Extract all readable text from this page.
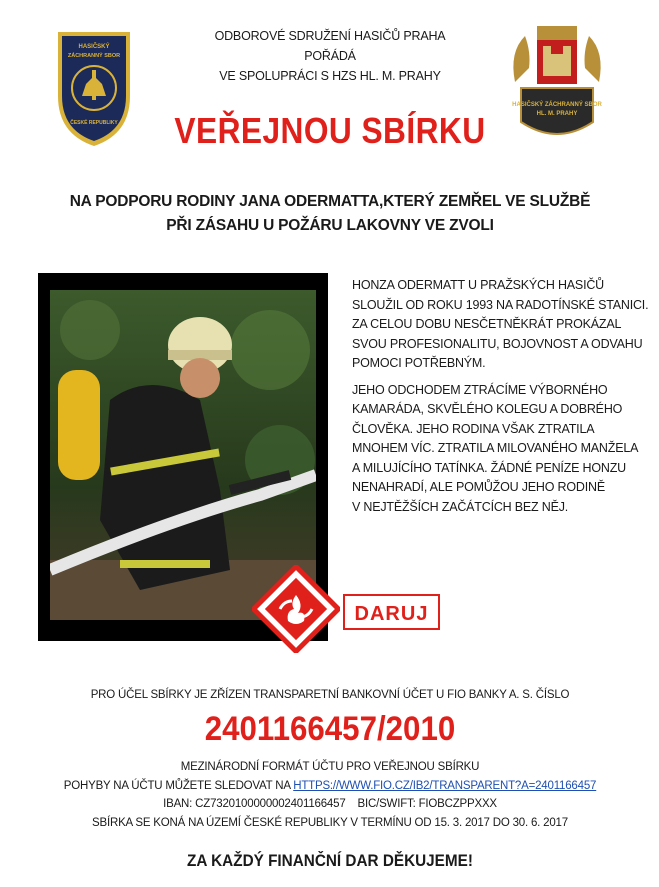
HASIČSKÝ
ZÁCHRANNÝ SBOR
ČESKÉ REPUBLIKY
HASIČSKÝ ZÁCHRANNÝ SBOR
HL. M. PRAHY
ODBOROVÉ SDRUŽENÍ HASIČŮ PRAHA
POŘÁDÁ
VE SPOLUPRÁCI S HZS HL. M. PRAHY
VEŘEJNOU SBÍRKU
NA PODPORU RODINY JANA ODERMATTA,KTERÝ ZEMŘEL VE SLUŽBĚ
PŘI ZÁSAHU U POŽÁRU LAKOVNY VE ZVOLI

HONZA ODERMATT U PRAŽSKÝCH HASIČŮ
SLOUŽIL OD ROKU 1993 NA RADOTÍNSKÉ STANICI.
ZA CELOU DOBU NESČETNĚKRÁT PROKÁZAL
SVOU PROFESIONALITU, BOJOVNOST A ODVAHU
POMOCI POTŘEBNÝM.

JEHO ODCHODEM ZTRÁCÍME VÝBORNÉHO
KAMARÁDA, SKVĚLÉHO KOLEGU A DOBRÉHO
ČLOVĚKA. JEHO RODINA VŠAK ZTRATILA
MNOHEM VÍC. ZTRATILA MILOVANÉHO MANŽELA
A MILUJÍCÍHO TATÍNKA. ŽÁDNÉ PENÍZE HONZU
NENAHRADÍ, ALE POMŮŽOU JEHO RODINĚ
V NEJTĚŽŠÍCH ZAČÁTCÍCH BEZ NĚJ.

DARUJ
PRO ÚČEL SBÍRKY JE ZŘÍZEN TRANSPARETNÍ BANKOVNÍ ÚČET U FIO BANKY A. S. ČÍSLO
2401166457/2010
MEZINÁRODNÍ FORMÁT ÚČTU PRO VEŘEJNOU SBÍRKU
POHYBY NA ÚČTU MŮŽETE SLEDOVAT NA HTTPS://WWW.FIO.CZ/IB2/TRANSPARENT?A=2401166457
IBAN: CZ7320100000002401166457 BIC/SWIFT: FIOBCZPPXXX
SBÍRKA SE KONÁ NA ÚZEMÍ ČESKÉ REPUBLIKY V TERMÍNU OD 15. 3. 2017 DO 30. 6. 2017
ZA KAŽDÝ FINANČNÍ DAR DĚKUJEME!
